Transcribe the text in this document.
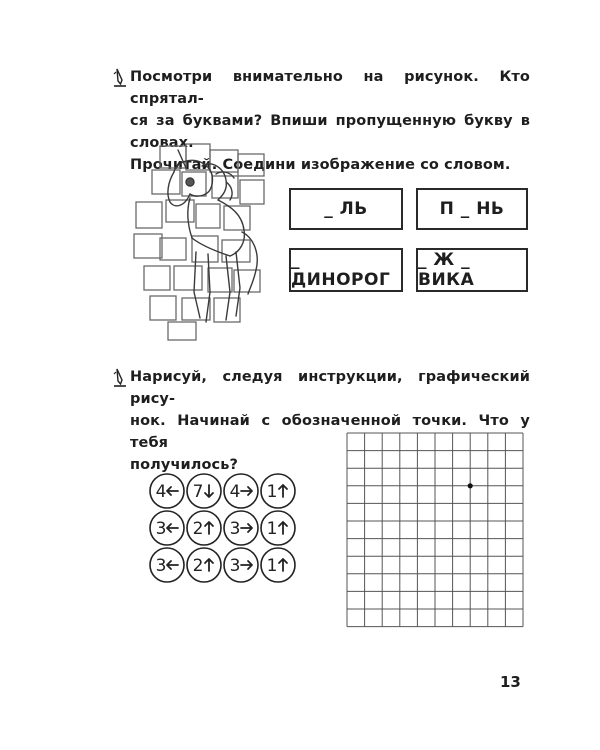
Посмотри внимательно на рисунок. Кто спрятал-
ся за буквами? Впиши пропущенную букву в словах.
Прочитай. Соедини изображение со словом.
_ ЛЬ	П _ НЬ
_ ДИНОРОГ
_ Ж _ ВИКА
Нарисуй, следуя инструкции, графический рису-
нок. Начинай с обозначенной точки. Что у тебя
получилось?
4 7 4 1
3 2 3 1
3 2 3 1
13
